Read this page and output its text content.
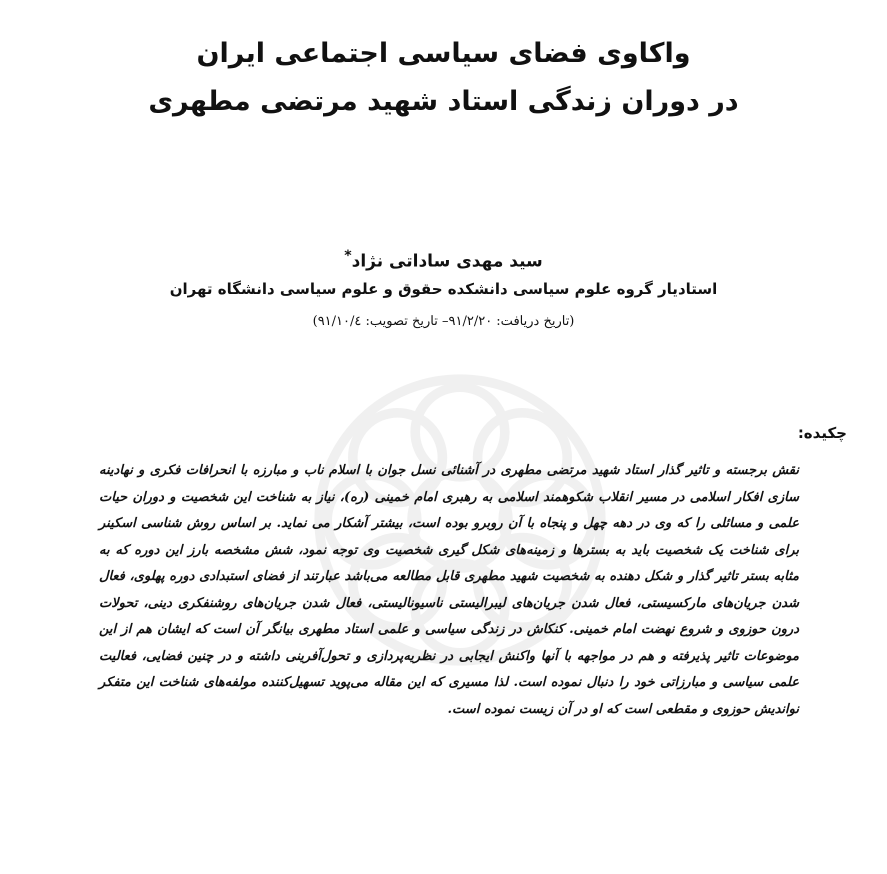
واکاوی فضای سیاسی اجتماعی ایران
در دوران زندگی استاد شهید مرتضی مطهری
سید مهدی ساداتی نژاد*
استادیار گروه علوم سیاسی دانشکده حقوق و علوم سیاسی دانشگاه تهران
(تاریخ دریافت: ۹۱/۲/۲۰– تاریخ تصویب: ۹۱/۱۰/٤)
چکیده:

نقش برجسته و تاثیر گذار استاد شهید مرتضی مطهری در آشنائی نسل جوان با اسلام ناب و مبارزه با انحرافات فکری و نهادینه سازی افکار اسلامی در مسیر انقلاب شکوهمند اسلامی به رهبری امام خمینی (ره)، نیاز به شناخت این شخصیت و دوران حیات علمی و مسائلی را که وی در دهه چهل و پنجاه با آن روبرو بوده است، بیشتر آشکار می نماید. بر اساس روش شناسی اسکینر برای شناخت یک شخصیت باید به بسترها و زمینه‌های شکل گیری شخصیت وی توجه نمود، شش مشخصه بارز این دوره که به مثابه بستر تاثیر گذار و شکل دهنده به شخصیت شهید مطهری قابل مطالعه می‌باشد عبارتند از فضای استبدادی دوره پهلوی، فعال شدن جریان‌های مارکسیستی، فعال شدن جریان‌های لیبرالیستی ناسیونالیستی، فعال شدن جریان‌های روشنفکری دینی، تحولات درون حوزوی و شروع نهضت امام خمینی. کنکاش در زندگی سیاسی و علمی استاد مطهری بیانگر آن است که ایشان هم از این موضوعات تاثیر پذیرفته و هم در مواجهه با آنها واکنش ایجابی در نظریه‌پردازی و تحول‌آفرینی داشته و در چنین فضایی، فعالیت علمی سیاسی و مبارزاتی خود را دنبال نموده است. لذا مسیری که این مقاله می‌پوید تسهیل‌کننده مولفه‌های شناخت این متفکر نواندیش حوزوی و مقطعی است که او در آن زیست نموده است.
